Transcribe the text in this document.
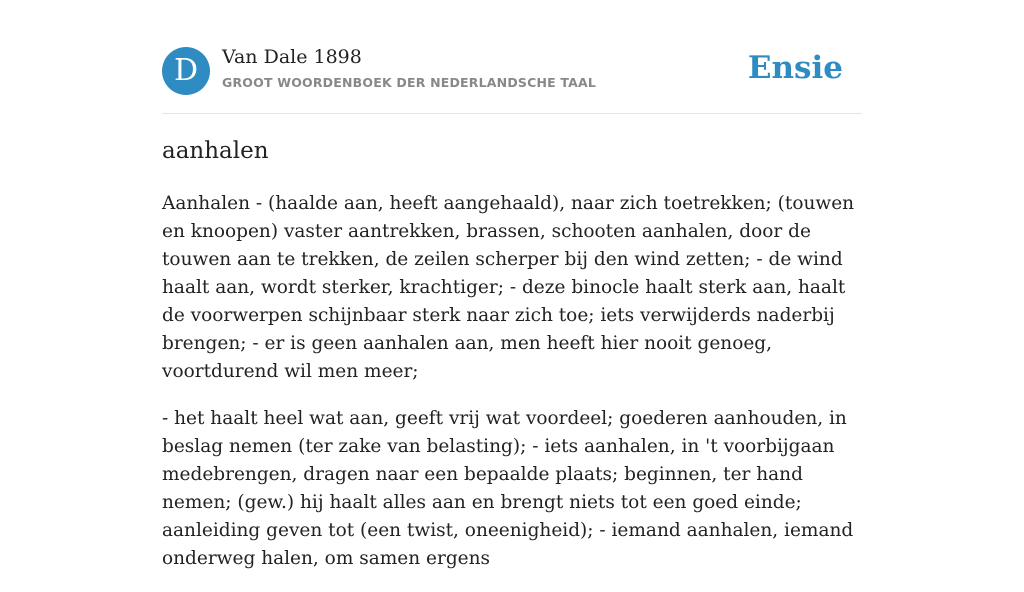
D	Van Dale 1898
GROOT WOORDENBOEK DER NEDERLANDSCHE TAAL	Ensie
aanhalen

Aanhalen - (haalde aan, heeft aangehaald), naar zich toetrekken; (touwen en knoopen) vaster aantrekken, brassen, schooten aanhalen, door de touwen aan te trekken, de zeilen scherper bij den wind zetten; - de wind haalt aan, wordt sterker, krachtiger; - deze binocle haalt sterk aan, haalt de voorwerpen schijnbaar sterk naar zich toe; iets verwijderds naderbij brengen; - er is geen aanhalen aan, men heeft hier nooit genoeg, voortdurend wil men meer;

- het haalt heel wat aan, geeft vrij wat voordeel; goederen aanhouden, in beslag nemen (ter zake van belasting); - iets aanhalen, in 't voorbijgaan medebrengen, dragen naar een bepaalde plaats; beginnen, ter hand nemen; (gew.) hij haalt alles aan en brengt niets tot een goed einde; aanleiding geven tot (een twist, oneenigheid); - iemand aanhalen, iemand onderweg halen, om samen ergens
